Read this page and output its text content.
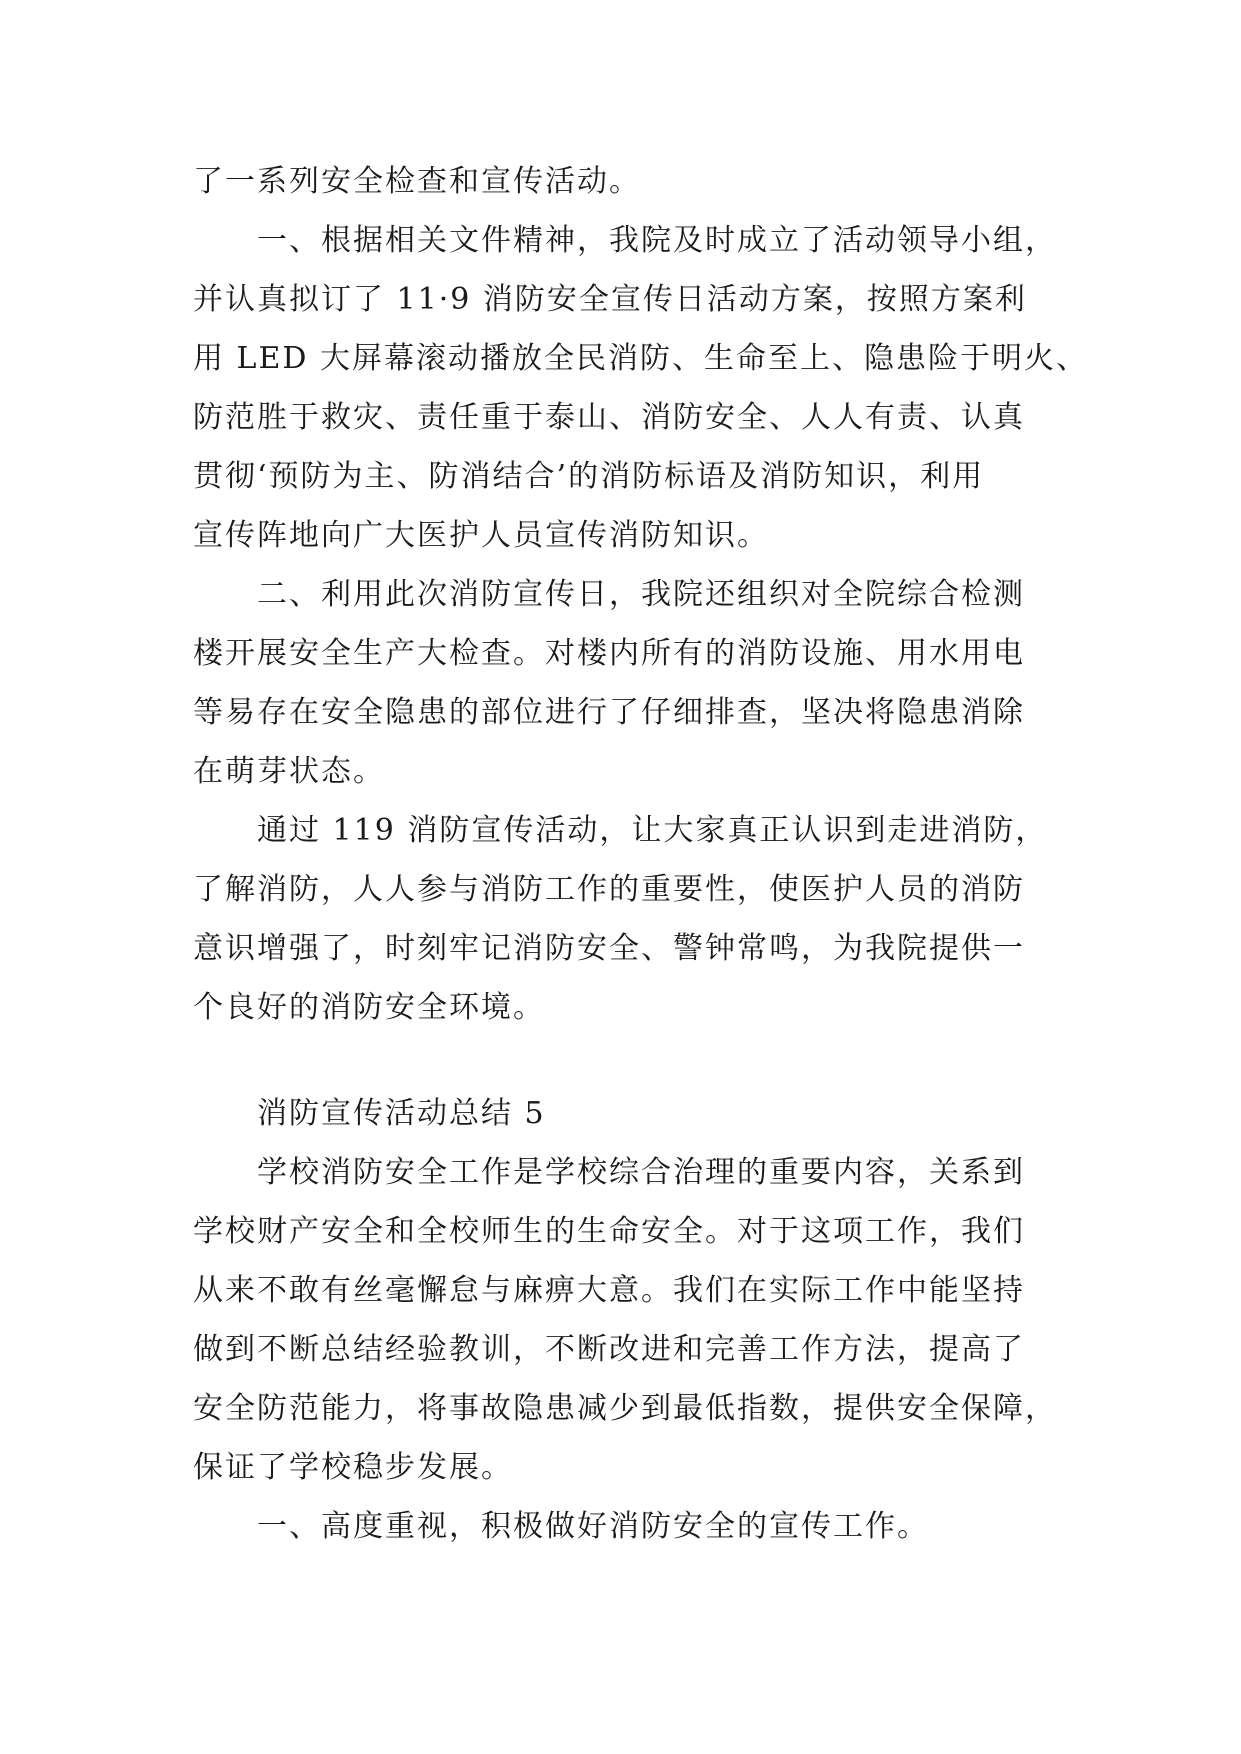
了一系列安全检查和宣传活动。
一、根据相关文件精神，我院及时成立了活动领导小组，
并认真拟订了 11·9 消防安全宣传日活动方案，按照方案利
用 LED 大屏幕滚动播放全民消防、生命至上、隐患险于明火、
防范胜于救灾、责任重于泰山、消防安全、人人有责、认真
贯彻‘预防为主、防消结合’的消防标语及消防知识，利用
宣传阵地向广大医护人员宣传消防知识。
二、利用此次消防宣传日，我院还组织对全院综合检测
楼开展安全生产大检查。对楼内所有的消防设施、用水用电
等易存在安全隐患的部位进行了仔细排查，坚决将隐患消除
在萌芽状态。
通过 119 消防宣传活动，让大家真正认识到走进消防，
了解消防，人人参与消防工作的重要性，使医护人员的消防
意识增强了，时刻牢记消防安全、警钟常鸣，为我院提供一
个良好的消防安全环境。
消防宣传活动总结 5
学校消防安全工作是学校综合治理的重要内容，关系到
学校财产安全和全校师生的生命安全。对于这项工作，我们
从来不敢有丝毫懈怠与麻痹大意。我们在实际工作中能坚持
做到不断总结经验教训，不断改进和完善工作方法，提高了
安全防范能力，将事故隐患减少到最低指数，提供安全保障，
保证了学校稳步发展。
一、高度重视，积极做好消防安全的宣传工作。
